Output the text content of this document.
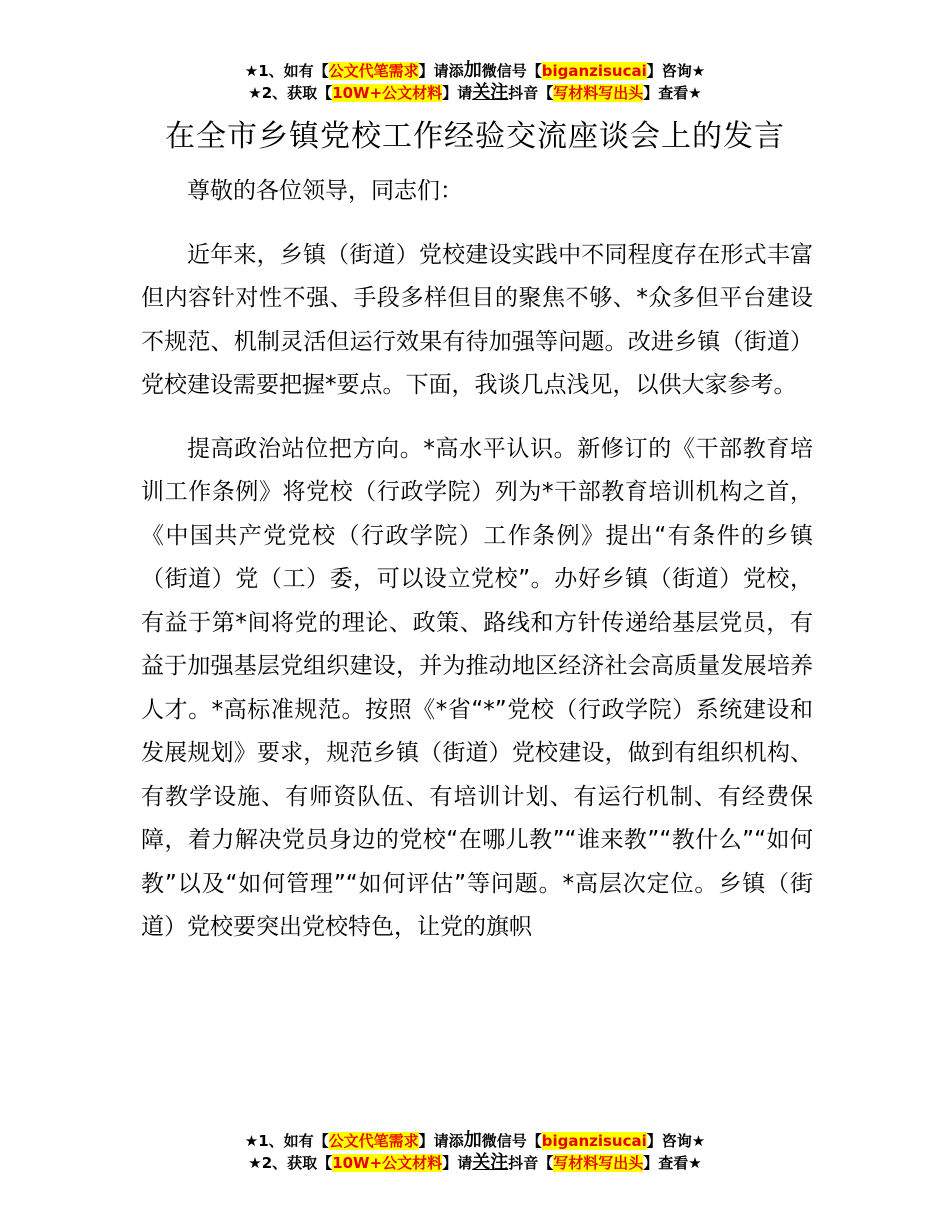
★1、如有【公文代笔需求】请添加微信号【biganzisucai】咨询★
★2、获取【10W+公文材料】请关注抖音【写材料写出头】查看★
在全市乡镇党校工作经验交流座谈会上的发言

尊敬的各位领导，同志们：

近年来，乡镇（街道）党校建设实践中不同程度存在形式丰富但内容针对性不强、手段多样但目的聚焦不够、*众多但平台建设不规范、机制灵活但运行效果有待加强等问题。改进乡镇（街道）党校建设需要把握*要点。下面，我谈几点浅见，以供大家参考。

提高政治站位把方向。*高水平认识。新修订的《干部教育培训工作条例》将党校（行政学院）列为*干部教育培训机构之首，《中国共产党党校（行政学院）工作条例》提出“有条件的乡镇（街道）党（工）委，可以设立党校”。办好乡镇（街道）党校，有益于第*间将党的理论、政策、路线和方针传递给基层党员，有益于加强基层党组织建设，并为推动地区经济社会高质量发展培养人才。*高标准规范。按照《*省“*”党校（行政学院）系统建设和发展规划》要求，规范乡镇（街道）党校建设，做到有组织机构、有教学设施、有师资队伍、有培训计划、有运行机制、有经费保障，着力解决党员身边的党校“在哪儿教”“谁来教”“教什么”“如何教”以及“如何管理”“如何评估”等问题。*高层次定位。乡镇（街道）党校要突出党校特色，让党的旗帜

★1、如有【公文代笔需求】请添加微信号【biganzisucai】咨询★
★2、获取【10W+公文材料】请关注抖音【写材料写出头】查看★
